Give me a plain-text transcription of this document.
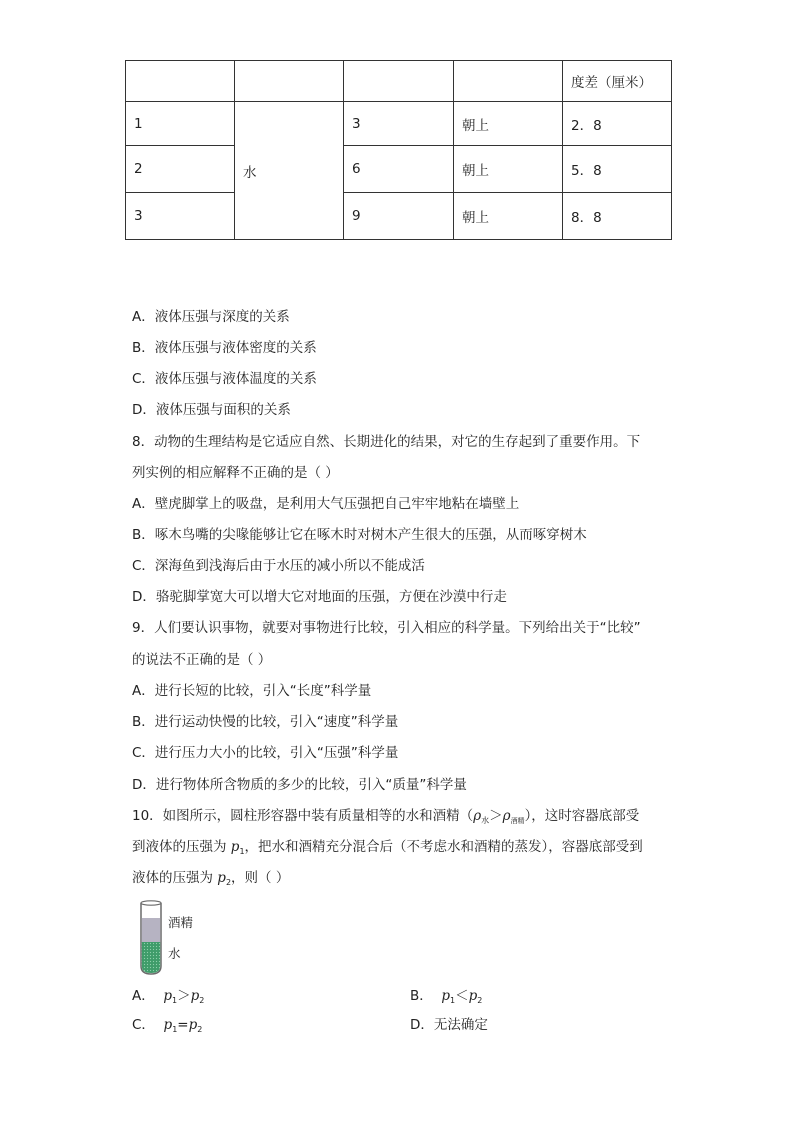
				度差（厘米）
1	水	3	朝上	2．8
2		6	朝上	5．8
3		9	朝上	8．8
A．液体压强与深度的关系
B．液体压强与液体密度的关系
C．液体压强与液体温度的关系
D．液体压强与面积的关系
8．动物的生理结构是它适应自然、长期进化的结果，对它的生存起到了重要作用。下
列实例的相应解释不正确的是（ ）
A．壁虎脚掌上的吸盘，是利用大气压强把自己牢牢地粘在墙壁上
B．啄木鸟嘴的尖喙能够让它在啄木时对树木产生很大的压强，从而啄穿树木
C．深海鱼到浅海后由于水压的减小所以不能成活
D．骆驼脚掌宽大可以增大它对地面的压强，方便在沙漠中行走
9．人们要认识事物，就要对事物进行比较，引入相应的科学量。下列给出关于“比较”
的说法不正确的是（ ）
A．进行长短的比较，引入“长度”科学量
B．进行运动快慢的比较，引入“速度”科学量
C．进行压力大小的比较，引入“压强”科学量
D．进行物体所含物质的多少的比较，引入“质量”科学量
10．如图所示，圆柱形容器中装有质量相等的水和酒精$(\rho_水>\rho_{酒精})$，这时容器底部受
到液体的压强为 $p_1$，把水和酒精充分混合后（不考虑水和酒精的蒸发），容器底部受到
液体的压强为 $p_2$，则（ ）
酒精
水
A． $p_1>p_2$	B． $p_1<p_2$
C． $p_1=p_2$	D．无法确定
